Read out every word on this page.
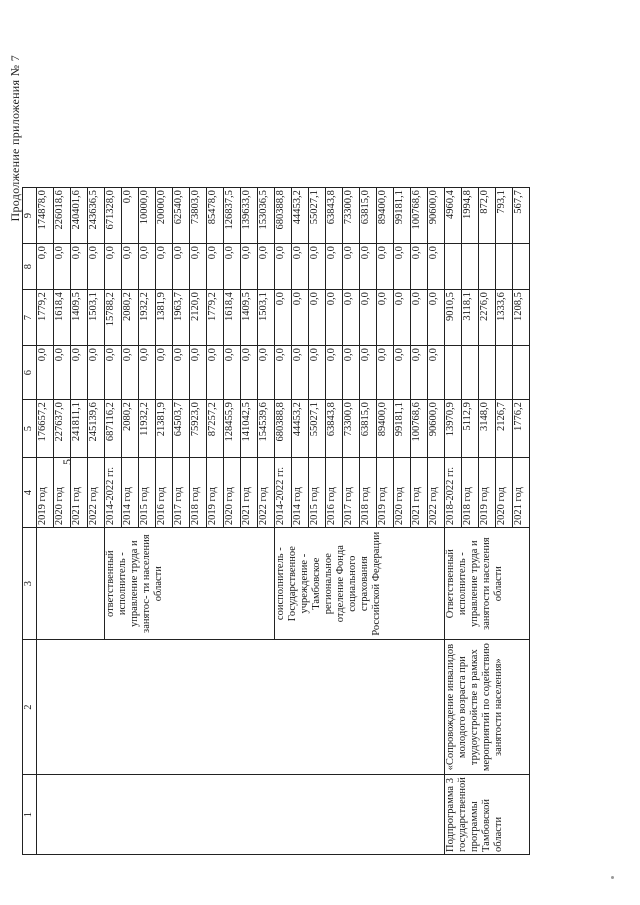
5
Продолжение приложения № 7
1	2	3	4	5	6	7	8	9
			2019 год	176657,2	0,0	1779,2	0,0	174878,0
			2020 год	227637,0	0,0	1618,4	0,0	226018,6
			2021 год	241811,1	0,0	1409,5	0,0	240401,6
			2022 год	245139,6	0,0	1503,1	0,0	243636,5
		ответственный исполнитель - управление труда и занятос- ти населения области	2014-2022 гг.	687116,2	0,0	15788,2	0,0	671328,0
			2014 год	2080,2	0,0	2080,2	0,0	0,0
			2015 год	11932,2	0,0	1932,2	0,0	10000,0
			2016 год	21381,9	0,0	1381,9	0,0	20000,0
			2017 год	64503,7	0,0	1963,7	0,0	62540,0
			2018 год	75923,0	0,0	2120,0	0,0	73803,0
			2019 год	87257,2	0,0	1779,2	0,0	85478,0
			2020 год	128455,9	0,0	1618,4	0,0	126837,5
			2021 год	141042,5	0,0	1409,5	0,0	139633,0
			2022 год	154539,6	0,0	1503,1	0,0	153036,5
		соисполнитель - Государственное учреждение - Тамбовское региональное отделение Фонда социального страхования Российской Федерации	2014-2022 гг.	680388,8	0,0	0,0	0,0	680388,8
			2014 год	44453,2	0,0	0,0	0,0	44453,2
			2015 год	55027,1	0,0	0,0	0,0	55027,1
			2016 год	63843,8	0,0	0,0	0,0	63843,8
			2017 год	73300,0	0,0	0,0	0,0	73300,0
			2018 год	63815,0	0,0	0,0	0,0	63815,0
			2019 год	89400,0	0,0	0,0	0,0	89400,0
			2020 год	99181,1	0,0	0,0	0,0	99181,1
			2021 год	100768,6	0,0	0,0	0,0	100768,6
			2022 год	90600,0	0,0	0,0	0,0	90600,0
Подпрограмма 3 государственной программы Тамбовской области	«Сопровождение инвалидов молодого возраста при трудоустройстве в рамках мероприятий по содействию занятости населения»	Ответственный исполнитель - управление труда и занятости населения области	2018-2022 гг.	13970,9		9010,5		4960,4
			2018 год	5112,9		3118,1		1994,8
			2019 год	3148,0		2276,0		872,0
			2020 год	2126,7		1333,6		793,1
			2021 год	1776,2		1208,5		567,7
